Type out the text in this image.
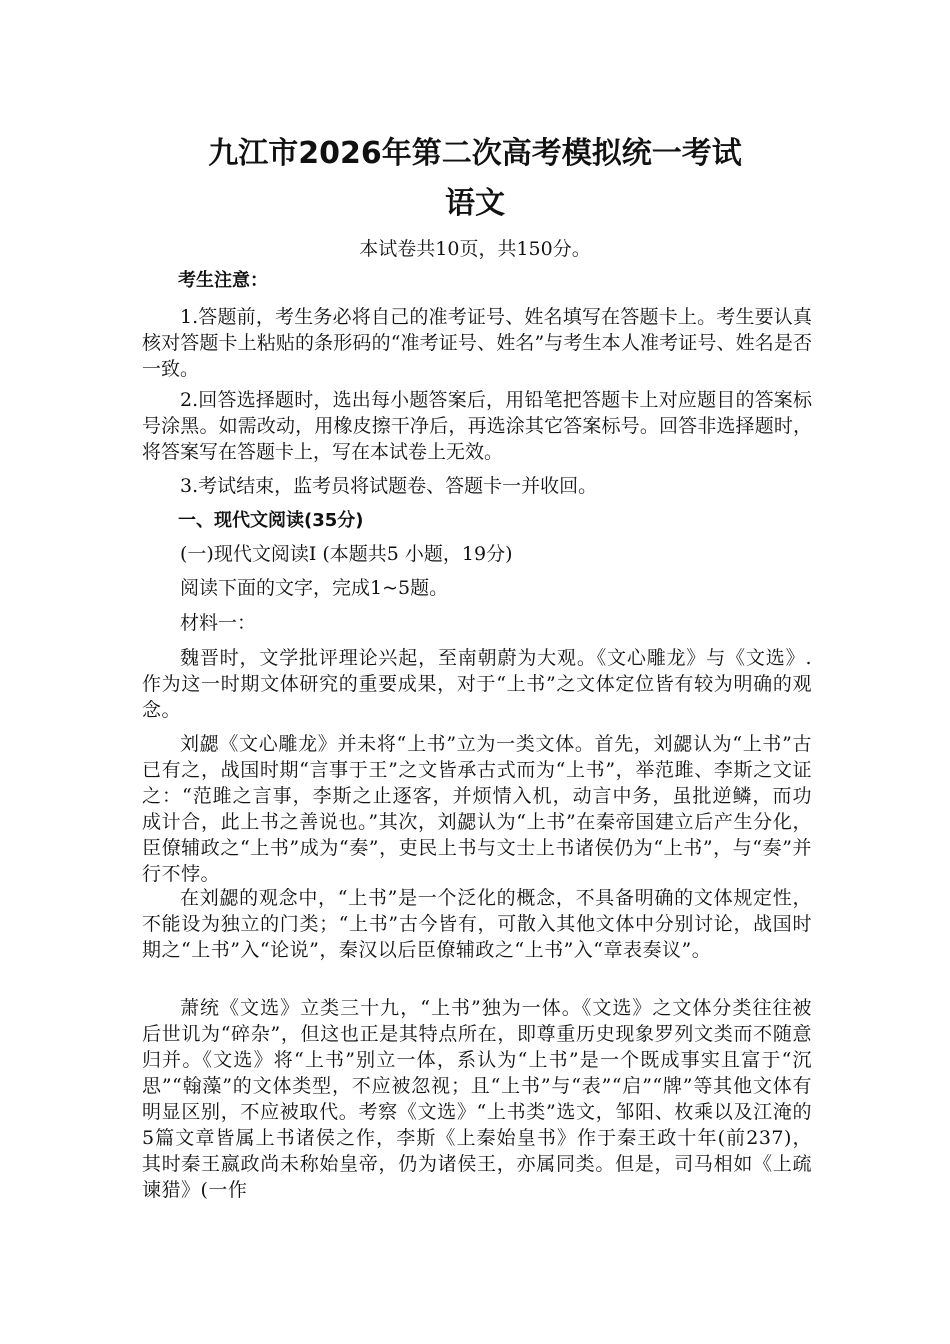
九江市2026年第二次高考模拟统一考试
语文
本试卷共10页，共150分。

考生注意：

1.答题前，考生务必将自己的准考证号、姓名填写在答题卡上。考生要认真核对答题卡上粘贴的条形码的“准考证号、姓名”与考生本人准考证号、姓名是否一致。

2.回答选择题时，选出每小题答案后，用铅笔把答题卡上对应题目的答案标号涂黑。如需改动，用橡皮擦干净后，再选涂其它答案标号。回答非选择题时，将答案写在答题卡上，写在本试卷上无效。

3.考试结束，监考员将试题卷、答题卡一并收回。

一、现代文阅读(35分)

(一)现代文阅读Ⅰ (本题共5 小题，19分)

阅读下面的文字，完成1~5题。

材料一：

魏晋时，文学批评理论兴起，至南朝蔚为大观。《文心雕龙》与《文选》.作为这一时期文体研究的重要成果，对于“上书”之文体定位皆有较为明确的观念。

刘勰《文心雕龙》并未将“上书”立为一类文体。首先，刘勰认为“上书”古已有之，战国时期“言事于王”之文皆承古式而为“上书”，举范雎、李斯之文证之：“范雎之言事，李斯之止逐客，并烦情入机，动言中务，虽批逆鳞，而功成计合，此上书之善说也。”其次，刘勰认为“上书”在秦帝国建立后产生分化，臣僚辅政之“上书”成为“奏”，吏民上书与文士上书诸侯仍为“上书”，与“奏”并行不悖。

在刘勰的观念中，“上书”是一个泛化的概念，不具备明确的文体规定性，不能设为独立的门类；“上书”古今皆有，可散入其他文体中分别讨论，战国时期之“上书”入“论说”，秦汉以后臣僚辅政之“上书”入“章表奏议”。

萧统《文选》立类三十九，“上书”独为一体。《文选》之文体分类往往被后世讥为“碎杂”，但这也正是其特点所在，即尊重历史现象罗列文类而不随意归并。《文选》将“上书”别立一体，系认为“上书”是一个既成事实且富于“沉思”“翰藻”的文体类型，不应被忽视；且“上书”与“表”“启”“牌”等其他文体有明显区别，不应被取代。考察《文选》“上书类”选文，邹阳、枚乘以及江淹的5篇文章皆属上书诸侯之作，李斯《上秦始皇书》作于秦王政十年(前237)，其时秦王嬴政尚未称始皇帝，仍为诸侯王，亦属同类。但是，司马相如《上疏谏猎》(一作
